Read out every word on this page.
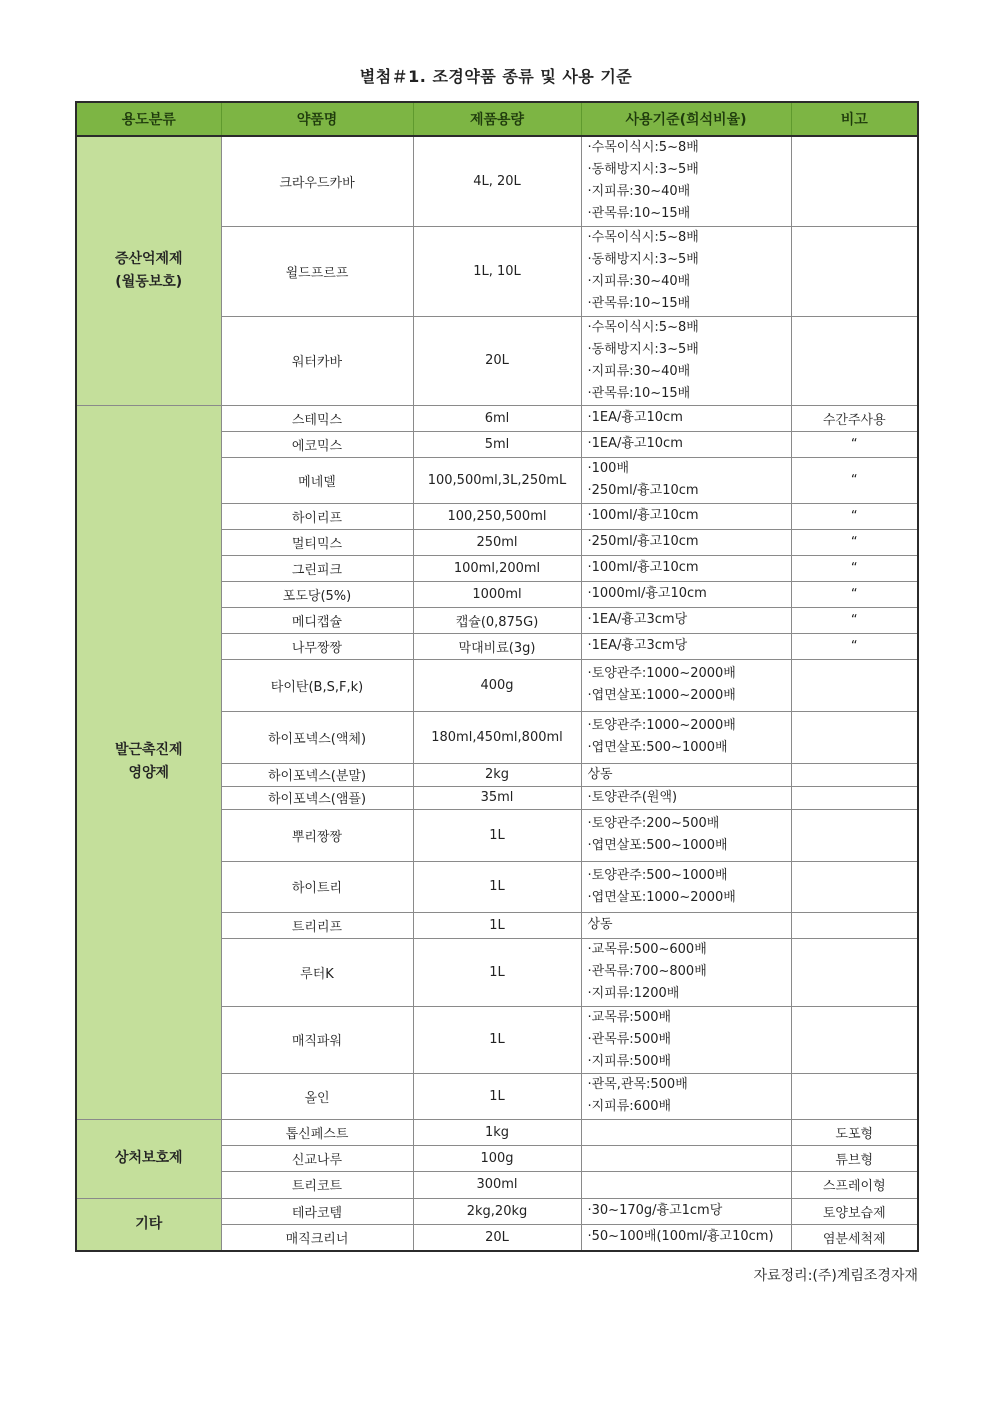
별첨＃1. 조경약품 종류 및 사용 기준
용도분류	약품명	제품용량	사용기준(희석비율)	비고

증산억제제
(월동보호)	크라우드카바	4L, 20L	·수목이식시:5~8배
·동해방지시:3~5배
·지피류:30~40배
·관목류:10~15배	

	윌드프르프	1L, 10L	·수목이식시:5~8배
·동해방지시:3~5배
·지피류:30~40배
·관목류:10~15배	

	워터카바	20L	·수목이식시:5~8배
·동해방지시:3~5배
·지피류:30~40배
·관목류:10~15배	

발근촉진제
영양제	스테믹스	6ml	·1EA/흉고10cm	수간주사용
	에코믹스	5ml	·1EA/흉고10cm	“
	메네델	100,500ml,3L,250mL	·100배
·250ml/흉고10cm	“
	하이리프	100,250,500ml	·100ml/흉고10cm	“
	멀티믹스	250ml	·250ml/흉고10cm	“
	그린피크	100ml,200ml	·100ml/흉고10cm	“
	포도당(5%)	1000ml	·1000ml/흉고10cm	“
	메디캡슐	캡슐(0,875G)	·1EA/흉고3cm당	“
	나무짱짱	막대비료(3g)	·1EA/흉고3cm당	“
	타이탄(B,S,F,k)	400g	·토양관주:1000~2000배
·엽면살포:1000~2000배	

	하이포넥스(액체)	180ml,450ml,800ml	·토양관주:1000~2000배
·엽면살포:500~1000배	

	하이포넥스(분말)	2kg	상동	

	하이포넥스(앰플)	35ml	·토양관주(원액)	

	뿌리짱짱	1L	·토양관주:200~500배
·엽면살포:500~1000배	

	하이트리	1L	·토양관주:500~1000배
·엽면살포:1000~2000배	

	트리리프	1L	상동	

	루터K	1L	·교목류:500~600배
·관목류:700~800배
·지피류:1200배	

	매직파워	1L	·교목류:500배
·관목류:500배
·지피류:500배	

	올인	1L	·관목,관목:500배
·지피류:600배	

상처보호제	톱신페스트	1kg		도포형
	신교나루	100g		튜브형
	트리코트	300ml		스프레이형

기타	테라코템	2kg,20kg	·30~170g/흉고1cm당	토양보습제
	매직크리너	20L	·50~100배(100ml/흉고10cm)	염분세척제
자료정리:(주)계림조경자재
